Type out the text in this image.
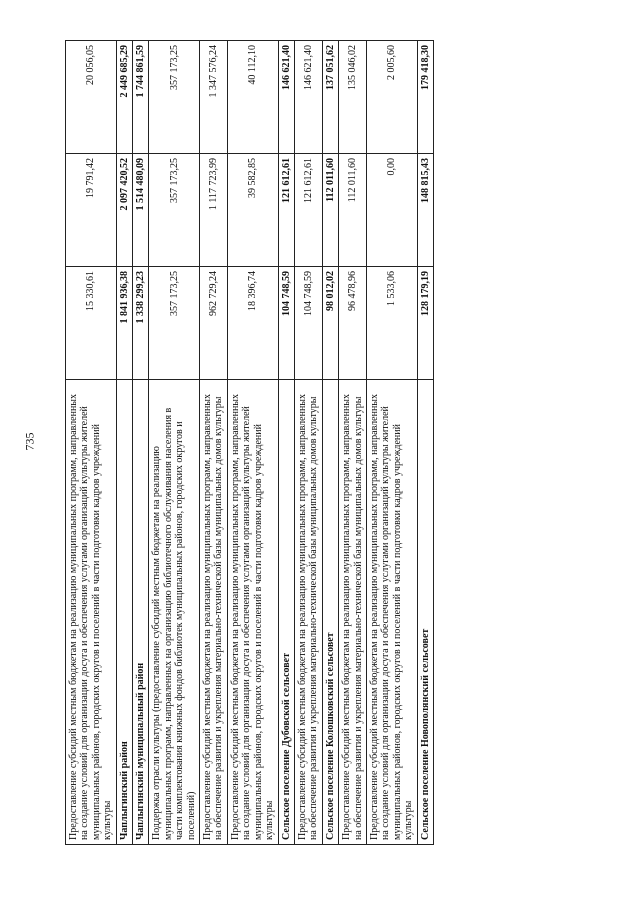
735	Предоставление субсидий местным бюджетам на реализацию муниципальных программ, направленных на создание условий для организации досуга и обеспечения услугами организаций культуры жителей муниципальных районов, городских округов и поселений в части подготовки кадров учреждений культуры	15 330,61	19 791,42	20 056,05
Чаплыгинский район	1 841 936,38	2 097 420,52	2 449 685,29
Чаплыгинский муниципальный район	1 338 299,23	1 514 480,09	1 744 861,59
Поддержка отрасли культуры (предоставление субсидий местным бюджетам на реализацию муниципальных программ, направленных на организацию библиотечного обслуживания населения в части комплектования книжных фондов библиотек муниципальных районов, городских округов и поселений)	357 173,25	357 173,25	357 173,25
Предоставление субсидий местным бюджетам на реализацию муниципальных программ, направленных на обеспечение развития и укрепления материально-технической базы муниципальных домов культуры	962 729,24	1 117 723,99	1 347 576,24
Предоставление субсидий местным бюджетам на реализацию муниципальных программ, направленных на создание условий для организации досуга и обеспечения услугами организаций культуры жителей муниципальных районов, городских округов и поселений в части подготовки кадров учреждений культуры	18 396,74	39 582,85	40 112,10
Сельское поселение Дубовской сельсовет	104 748,59	121 612,61	146 621,40
Предоставление субсидий местным бюджетам на реализацию муниципальных программ, направленных на обеспечение развития и укрепления материально-технической базы муниципальных домов культуры	104 748,59	121 612,61	146 621,40
Сельское поселение Колошковский сельсовет	98 012,02	112 011,60	137 051,62
Предоставление субсидий местным бюджетам на реализацию муниципальных программ, направленных на обеспечение развития и укрепления материально-технической базы муниципальных домов культуры	96 478,96	112 011,60	135 046,02
Предоставление субсидий местным бюджетам на реализацию муниципальных программ, направленных на создание условий для организации досуга и обеспечения услугами организаций культуры жителей муниципальных районов, городских округов и поселений в части подготовки кадров учреждений культуры	1 533,06	0,00	2 005,60
Сельское поселение Новополянский сельсовет	128 179,19	148 815,43	179 418,30
